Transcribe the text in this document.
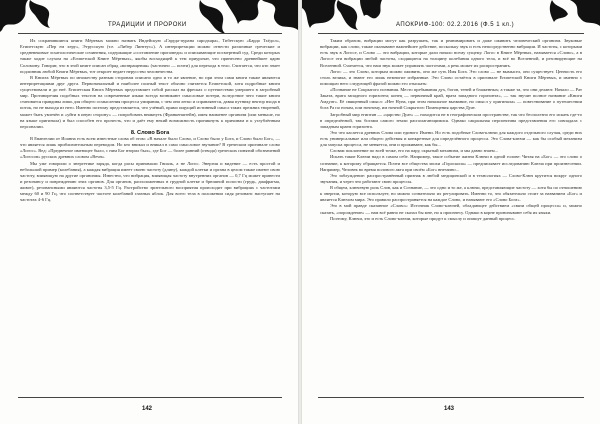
ТРАДИЦИИ И ПРОРОКИ

Их сохранившиеся книги Мёртвых можно назвать Индейскую «Гаруда-пурана сародхара», Тибетскую «Бардо Тхёдол», Египетскую «Пер ем херу», Этрусскую (т.е. «Либер Линтеус»). А интерпретации можно отнести различные греческие и средневековые эсхатологические сочинения, содержащие «составление проповеди» и описывающие посмертный суд. Среди которых также ходит слухом на «Египетской Книге Мёртвых», якобы восходящей к тем приурочат, что принесено древнейшее царю Соломону. Говорят, что в этой книге описан обряд «возвращения» (частично — почти) для перехода в тело. Считается, что кто знает подлинник любой Книги Мёртвых, тот откроет ведает нерусство человечества.

В Книгах Мёртвых по множеству разным сторонам описано одно и то же явление, но при этом сами книги также являются интерпретациями друг друга. Первоначальный и наиболее полный текст обычно считается Египетской, хотя подробные книги существовали и до неё. Египетская Книга Мёртвых представляет собой рассказ на фресках о путешествии умершего в загробный мир. Противоречия подобных текстов на современные языки всегда возникают смысловые потери, вследствие чего такие книги становятся правдивы лишь для общего осмысления процесса умирания, с чем они легко и справляются, давая путнику вектор входа в поток, но не выходя из него. Именно поэтому представляется, что учёный, прямо ищущий истинный смысл таких прежних творений, может быть увлечён и «уйти в иную сторону» — попробовать вникнуть (Франкенштейн), имея наименее организм (или меньше, но на языке оригинала) и был способен его прочесть, что и даёт ему некий возможность проникнуть к причинам и к углублённым персоналии.

8. Слово Бога

В Евангелии от Иоанна есть всем известные слова об этом: «В начале было Слово, и Слово было у Бога, и Слово было Бог», — что является лишь приблизительным переводом. Но кто вникал и вникал в само смысловое звучание? В греческом оригинале слово «Логос». Вед: «Предвечное имеющее было, с ним Бог вторил был», где Бог — более ранний (отвода) греческих понятий обозначений «Логосов» русских древних словом «Вечн».

Мы уже говорили о энергетике заряда, когда расы принимали Гвиаль, а не Логос. Энергия и видение — есть простой и небольшой пример (колебания), а каждая вибрация имеет своею частоту (длину), каждой клетки и органа в целом также имеют свою частоту, влияющую на другие организмы. Известно, что вибрация, влияющая частоту внутренних органов — 0,7 Гц может принести и резонансу и повреждению этих органов. Для органов, расположенных в грудной клетке и брюшной полости (грудь, диафрагма, живот), резонансными являются частоты 3,5-5 Гц. Растройство зрительного восприятия происходит при вибрациях с частотами между 60 и 90 Гц, что соответствует частоте колебаний глазных яблок. Для всего тела в положении сидя резонанс наступает на частотах 4-6 Гц.

142
АПОКРИФ-100: 02.2.2016 (Ф.5 1 кл.)

Таким образом, вибрации могут как разрушать, так и реанимировать и даже оживить человеческий организм. Звуковые вибрации, как слово, также оказывают важнейшее действие, поскольку звук и есть непосредственно вибрации. И частоты, с которыми есть звук в Логосе, и Слово — это вибрации, которые дали начало всему сущему. Логос в Книге Мёртвых, называется «Слово», а в Логосе эти вибрации любой частоты, сходящиеся на толщину колебания одного тела, и всё во Вселенной, и резонирующие на Вселенной. Считается, что наш звук может управлять частотами, а речь может их распространять.

Логос — это Слово, которым можно оживить, оно же суть Имя Бога. Это слово — не вымысел, оно существует. Ценность его столь велика, и знают его лишь немногие избранные. Это Слово остаётся в оригинале Египетской Книги Мёртвых, и именно с помощью него следующей фразой можно его отыскать:

«Познание не Сокрытого познания. Место пребывания дух, богов, теней и блаженных; а также та, что они делают. Начало — Рат Заката, врата западного горизонта; конец — первичный край, врата западного горизонта», — так звучит полное название «Книги Амдуат». Её священный смысл: «Нет Нуна, при этом начальное вызвание, но смысл у оригинала» — повествование о путешествии бога Ра по ночам, или ночному, им ночной Сокрытого Помещения царства Дуат.

Загробный мир египтян — «царство Дуат» — находится не в географическом пространстве, так что бесполезно его искать где-то в определённой, так богами самого земли располагающимися. Однако сакральная перспектива представления его совпадала с западным краем горизонта.

Это что касается древних Слова или единого Имени. Но есть подобные Слова-ключи для каждого отдельного случая, среди них есть универсальные или общего действия и конкретные для определённого процесса. Это Слова-ключи — как бы особый механизм для запуска процесса, не меняется, они и проживают, как бы...

Словам поклонение по всей точке, его на пару, скрытый механизм, и мы давно знаем...

Искать такие Ключи надо в самом себе. Например, такое событие жизни Ключи в одной голове: Читая на «Бог» — это слово о сознание, к которому обращается. Почти все общества эпохи «Гороскопа» — предписывает исследованию Ключа при произнесении. Например, Человек во время полового акта при своём «Бог» внезапно...

Это заблуждение: распространённый признак в любой медицинской и в технологиях — Слово-Ключ крутится вокруг одного звучания, и через что работают свою процессы.

В общем, ключевую роль Слов, как и Сознание, — это одно и то же, а ключи, представляющие частоту — хотя бы по отношению к энергии, которую все использует, но можно сознательно их регулировать. Именно то, что обязательно стоит за названием «Бог» и является Ключом мира. Это правило распространяется на каждое Слово, и называют его «Слово Бога».

Это в мой правде сказанное «Слово»: Источник Слово-ключей, обладающее действием «связи общей процесса» и, можно сказать, «порождение» — нам всё равно не сказал бы мне, но я произнесу. Однако в корне пронизывают себя их языки.

Поэтому, Ключи, это и есть Слово-ключи, которые придут к смыслу и опишут данный процесс.

143
